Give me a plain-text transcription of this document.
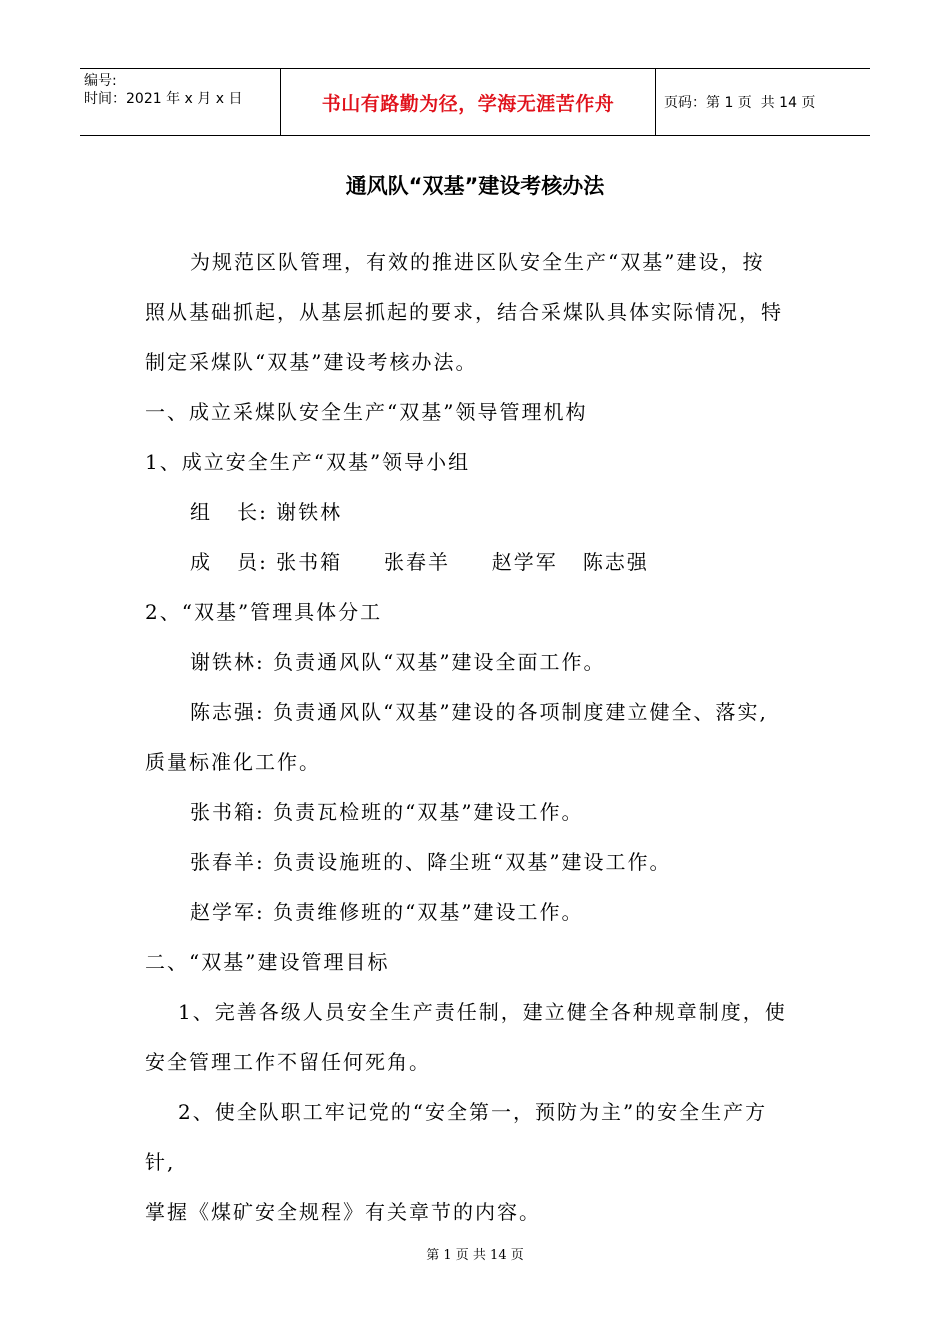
编号:
时间：2021 年 x 月 x 日	书山有路勤为径，学海无涯苦作舟	页码：第 1 页  共 14 页
通风队“双基”建设考核办法
为规范区队管理，有效的推进区队安全生产“双基”建设，按
照从基础抓起，从基层抓起的要求，结合采煤队具体实际情况，特
制定采煤队“双基”建设考核办法。
一、成立采煤队安全生产“双基”领导管理机构
1、成立安全生产“双基”领导小组
组   长: 谢铁林
成   员: 张书箱     张春羊     赵学军   陈志强
2、“双基”管理具体分工
谢铁林: 负责通风队“双基”建设全面工作。
陈志强: 负责通风队“双基”建设的各项制度建立健全、落实,
质量标准化工作。
张书箱: 负责瓦检班的“双基”建设工作。
张春羊: 负责设施班的、降尘班“双基”建设工作。
赵学军: 负责维修班的“双基”建设工作。
二、“双基”建设管理目标
1、完善各级人员安全生产责任制，建立健全各种规章制度，使
安全管理工作不留任何死角。
2、使全队职工牢记党的“安全第一，预防为主”的安全生产方
针,
掌握《煤矿安全规程》有关章节的内容。
第 1 页 共 14 页
